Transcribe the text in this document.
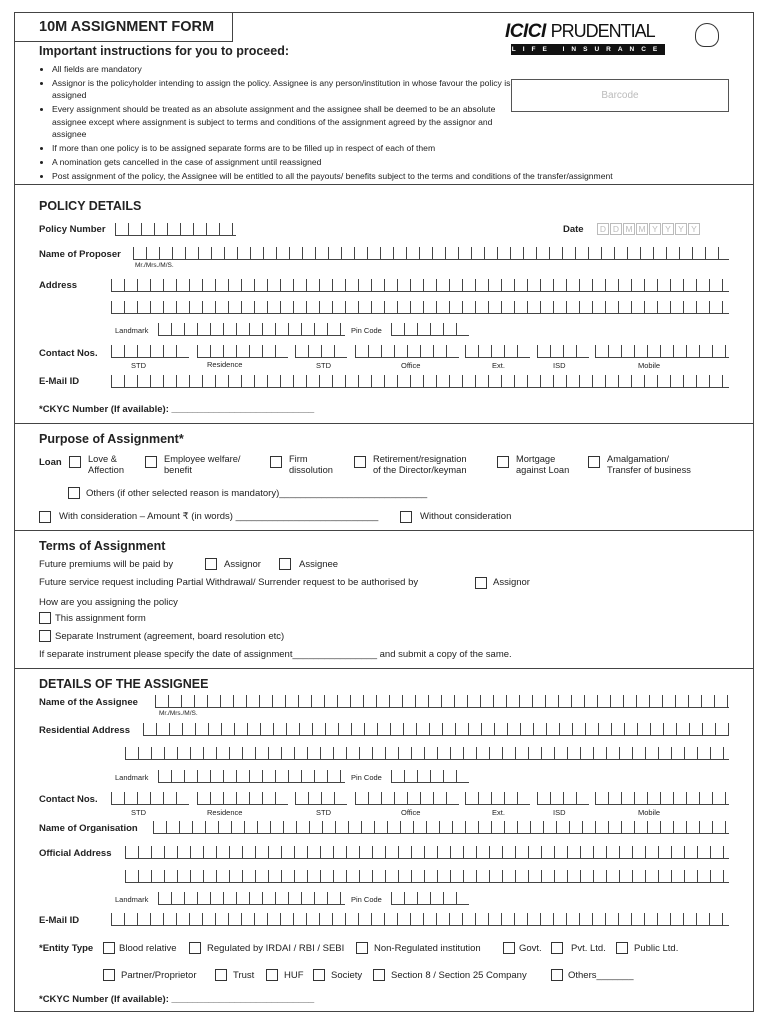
10M ASSIGNMENT FORM	ICICI PRUDENTIAL
LIFE INSURANCE
Barcode
Important instructions for you to proceed:
• All fields are mandatory
• Assignor is the policyholder intending to assign the policy. Assignee is any person/institution in whose favour the policy is assigned
• Every assignment should be treated as an absolute assignment and the assignee shall be deemed to be an absolute assignee except where assignment is subject to terms and conditions of the assignment agreed by the assignor and assignee
• If more than one policy is to be assigned separate forms are to be filled up in respect of each of them
• A nomination gets cancelled in the case of assignment until reassigned
• Post assignment of the policy, the Assignee will be entitled to all the payouts/ benefits subject to the terms and conditions of the transfer/assignment
POLICY DETAILS
Policy Number	Date	D D M M Y Y Y Y
Name of Proposer
Mr./Mrs./M/S.
Address
Landmark	Pin Code
Contact Nos.
STD	Residence	STD	Office	Ext.	ISD	Mobile
E-Mail ID
*CKYC Number (If available): ___________________________
Purpose of Assignment*
Loan	Love &
Affection
Employee welfare/
benefit
Firm
dissolution
Retirement/resignation
of the Director/keyman
Mortgage
against Loan
Amalgamation/
Transfer of business
Others (if other selected reason is mandatory)____________________________
With consideration – Amount ₹ (in words) ___________________________	Without consideration
Terms of Assignment
Future premiums will be paid by	Assignor	Assignee
Future service request including Partial Withdrawal/ Surrender request to be authorised by	Assignor
How are you assigning the policy
This assignment form
Separate Instrument (agreement, board resolution etc)
If separate instrument please specify the date of assignment________________ and submit a copy of the same.
DETAILS OF THE ASSIGNEE
Name of the Assignee
Mr./Mrs./M/S.
Residential Address
Landmark	Pin Code
Contact Nos.
STD	Residence	STD	Office	Ext.	ISD	Mobile
Name of Organisation
Official Address
Landmark	Pin Code
E-Mail ID
*Entity Type	Blood relative	Regulated by IRDAI / RBI / SEBI	Non-Regulated institution	Govt.	Pvt. Ltd.	Public Ltd.
Partner/Proprietor	Trust	HUF	Society	Section 8 / Section 25 Company	Others_______
*CKYC Number (If available): ___________________________
